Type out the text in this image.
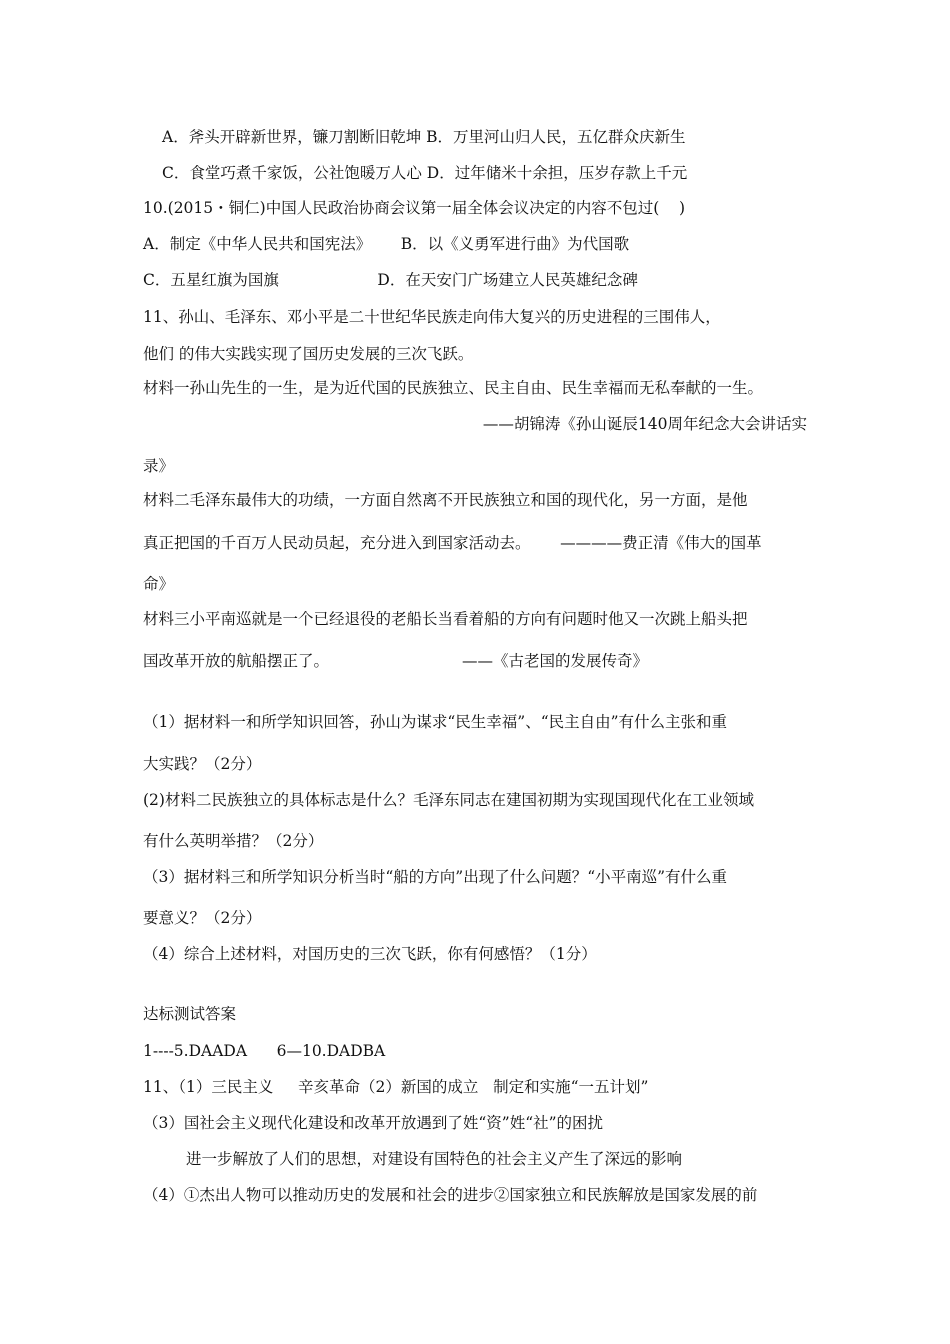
A．斧头开辟新世界，镰刀割断旧乾坤 B．万里河山归人民，五亿群众庆新生
C．食堂巧煮千家饭，公社饱暖万人心 D．过年储米十余担，压岁存款上千元
10.(2015・铜仁)中国人民政治协商会议第一届全体会议决定的内容不包过(    )
A．制定《中华人民共和国宪法》      B．以《义勇军进行曲》为代国歌
C．五星红旗为国旗                    D．在天安门广场建立人民英雄纪念碑
11、孙山、毛泽东、邓小平是二十世纪华民族走向伟大复兴的历史进程的三围伟人，
他们 的伟大实践实现了国历史发展的三次飞跃。
材料一孙山先生的一生，是为近代国的民族独立、民主自由、民生幸福而无私奉献的一生。
——胡锦涛《孙山诞辰140周年纪念大会讲话实
录》
材料二毛泽东最伟大的功绩，一方面自然离不开民族独立和国的现代化，另一方面，是他
真正把国的千百万人民动员起，充分进入到国家活动去。      ————费正清《伟大的国革
命》
材料三小平南巡就是一个已经退役的老船长当看着船的方向有问题时他又一次跳上船头把
国改革开放的航船摆正了。                           ——《古老国的发展传奇》
（1）据材料一和所学知识回答，孙山为谋求“民生幸福”、“民主自由”有什么主张和重
大实践？（2分）
(2)材料二民族独立的具体标志是什么？毛泽东同志在建国初期为实现国现代化在工业领域
有什么英明举措？（2分）
（3）据材料三和所学知识分析当时“船的方向”出现了什么问题？“小平南巡”有什么重
要意义？（2分）
（4）综合上述材料，对国历史的三次飞跃，你有何感悟？（1分）
达标测试答案
1----5.DAADA      6—10.DADBA
11、（1）三民主义     辛亥革命（2）新国的成立   制定和实施“一五计划”
（3）国社会主义现代化建设和改革开放遇到了姓“资”姓“社”的困扰
进一步解放了人们的思想，对建设有国特色的社会主义产生了深远的影响
（4）①杰出人物可以推动历史的发展和社会的进步②国家独立和民族解放是国家发展的前
